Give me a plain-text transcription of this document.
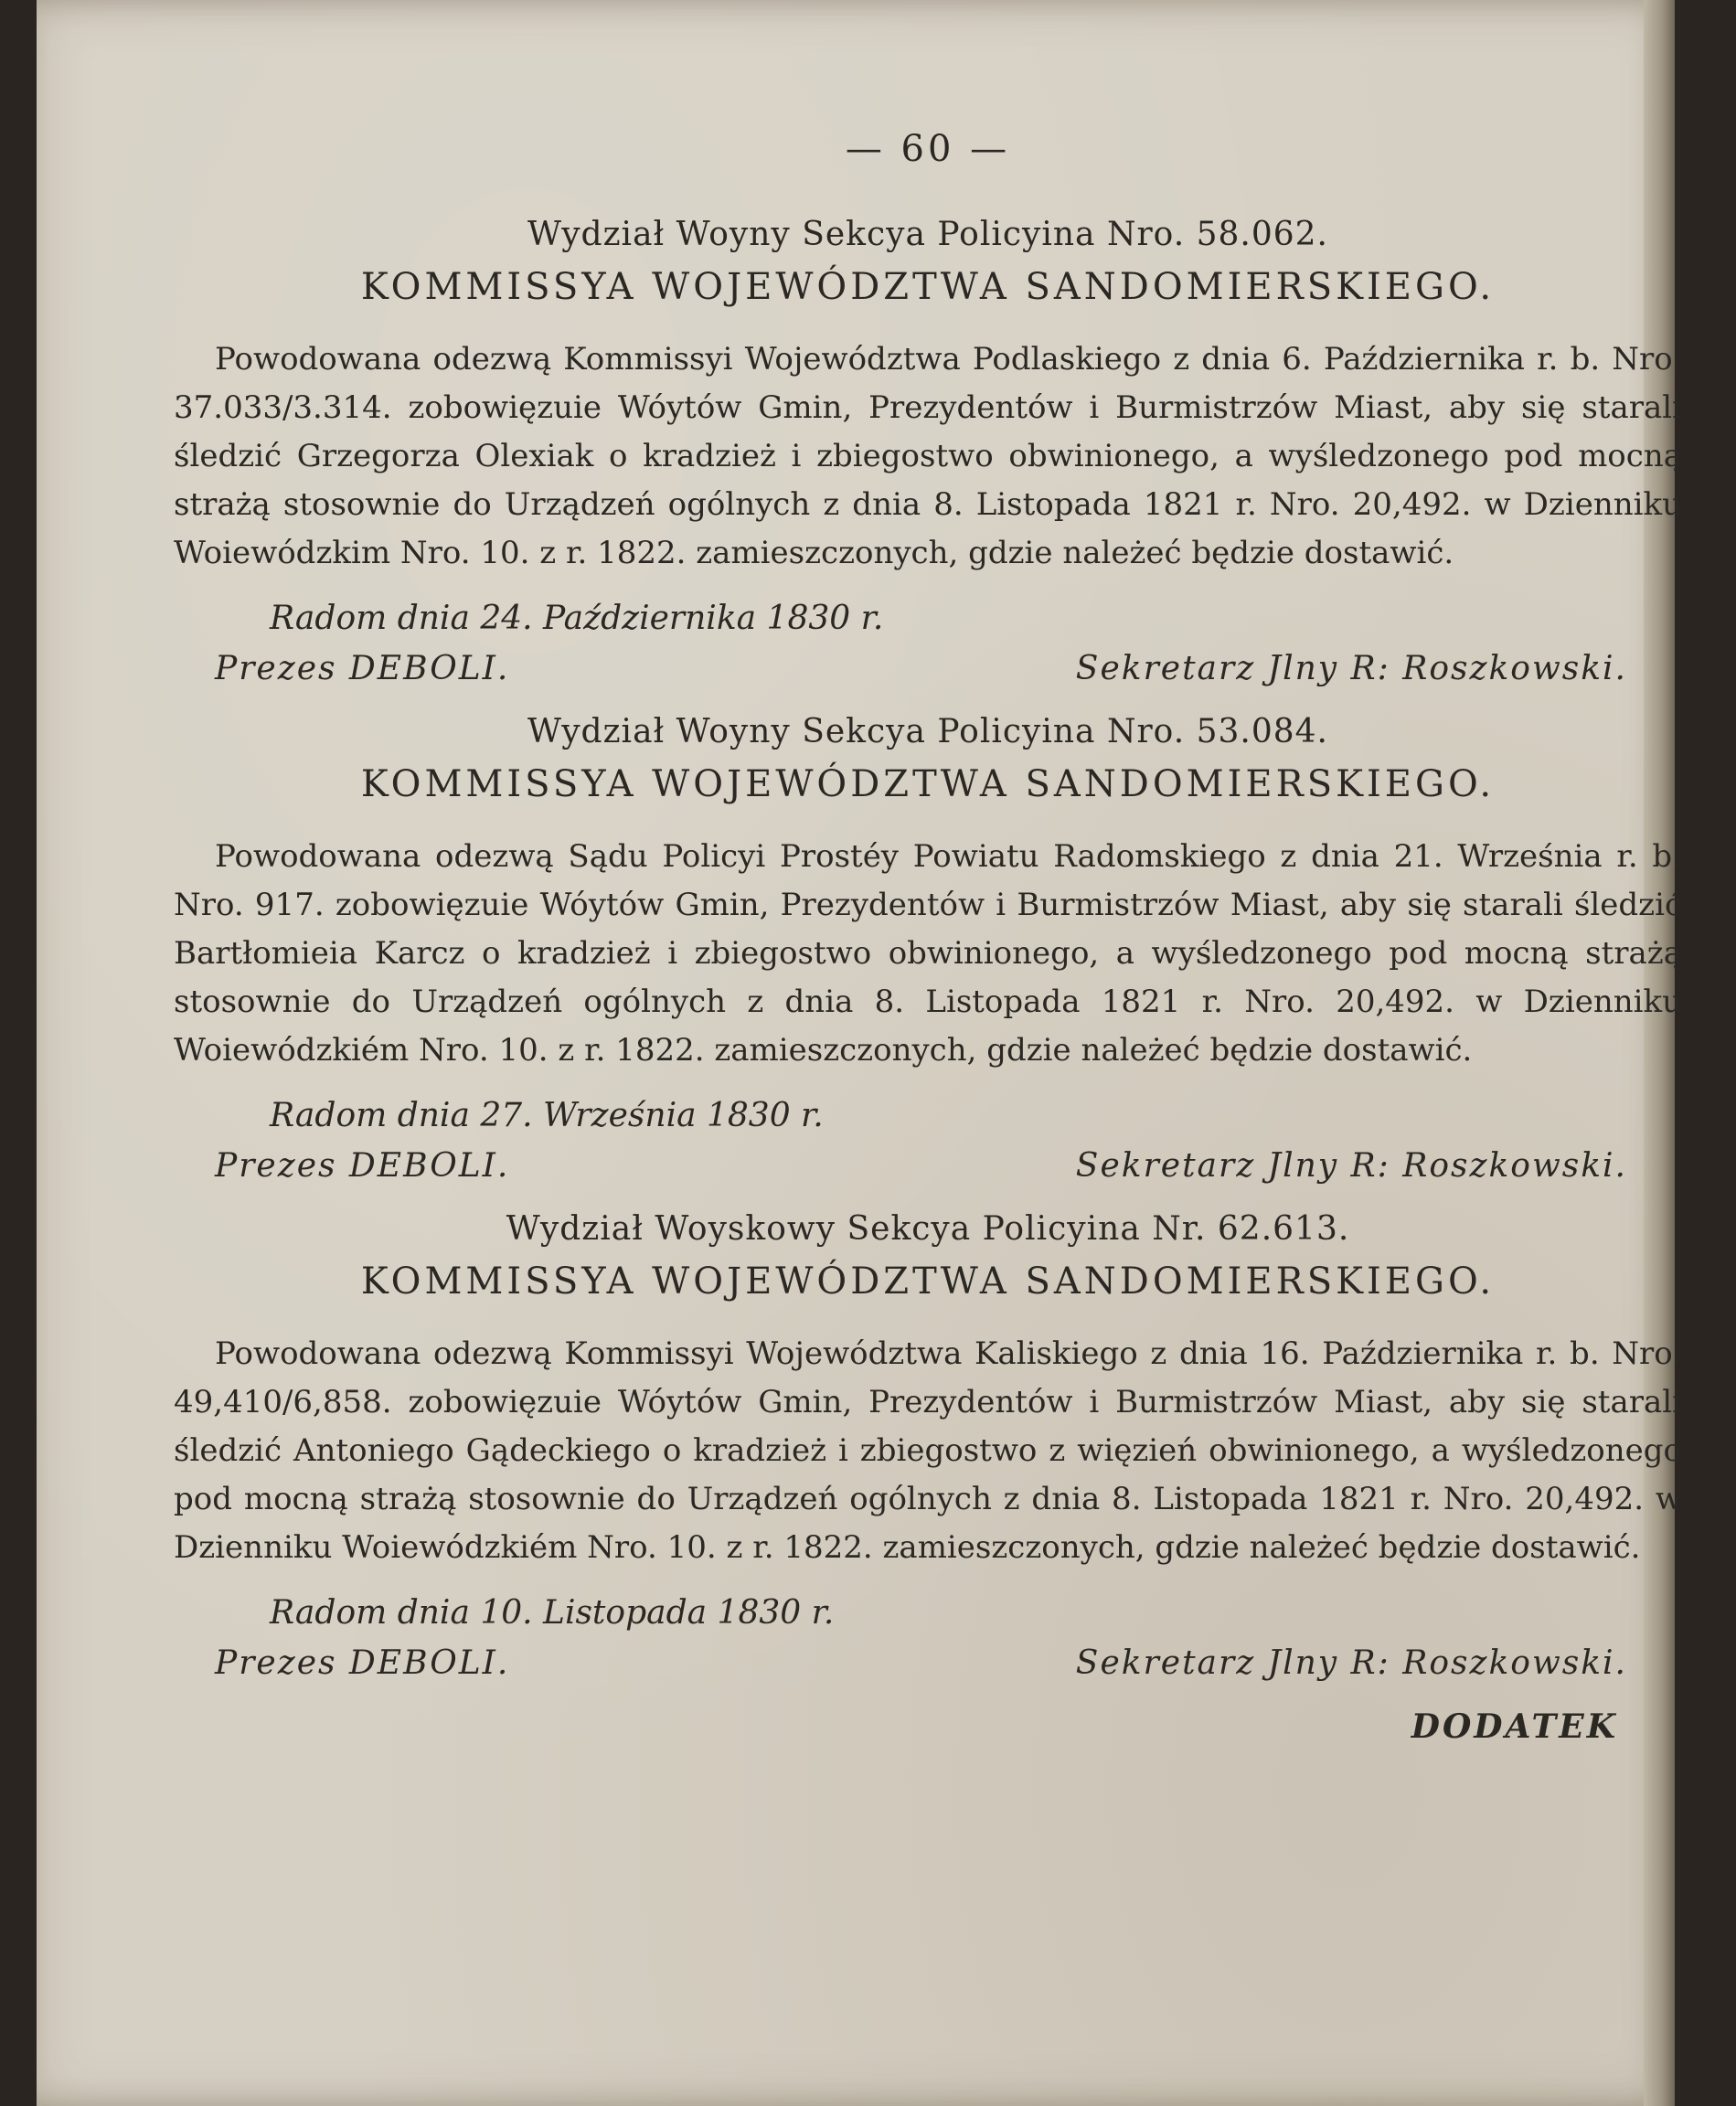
— 60 —
Wydział Woyny Sekcya Policyina Nro. 58.062.
KOMMISSYA WOJEWÓDZTWA SANDOMIERSKIEGO.

Powodowana odezwą Kommissyi Województwa Podlaskiego z dnia 6. Października r. b. Nro. 37.033/3.314. zobowięzuie Wóytów Gmin, Prezydentów i Burmistrzów Miast, aby się starali śledzić Grzegorza Olexiak o kradzież i zbiegostwo obwinionego, a wyśledzonego pod mocną strażą stosownie do Urządzeń ogólnych z dnia 8. Listopada 1821 r. Nro. 20,492. w Dzienniku Woiewódzkim Nro. 10. z r. 1822. zamieszczonych, gdzie należeć będzie dostawić.

Radom dnia 24. Października 1830 r.
Prezes DEBOLI.	Sekretarz Jlny R: Roszkowski.
Wydział Woyny Sekcya Policyina Nro. 53.084.
KOMMISSYA WOJEWÓDZTWA SANDOMIERSKIEGO.

Powodowana odezwą Sądu Policyi Prostéy Powiatu Radomskiego z dnia 21. Września r. b. Nro. 917. zobowięzuie Wóytów Gmin, Prezydentów i Burmistrzów Miast, aby się starali śledzić Bartłomieia Karcz o kradzież i zbiegostwo obwinionego, a wyśledzonego pod mocną strażą stosownie do Urządzeń ogólnych z dnia 8. Listopada 1821 r. Nro. 20,492. w Dzienniku Woiewódzkiém Nro. 10. z r. 1822. zamieszczonych, gdzie należeć będzie dostawić.

Radom dnia 27. Września 1830 r.
Prezes DEBOLI.	Sekretarz Jlny R: Roszkowski.
Wydział Woyskowy Sekcya Policyina Nr. 62.613.
KOMMISSYA WOJEWÓDZTWA SANDOMIERSKIEGO.

Powodowana odezwą Kommissyi Województwa Kaliskiego z dnia 16. Października r. b. Nro. 49,410/6,858. zobowięzuie Wóytów Gmin, Prezydentów i Burmistrzów Miast, aby się starali śledzić Antoniego Gądeckiego o kradzież i zbiegostwo z więzień obwinionego, a wyśledzonego pod mocną strażą stosownie do Urządzeń ogólnych z dnia 8. Listopada 1821 r. Nro. 20,492. w Dzienniku Woiewódzkiém Nro. 10. z r. 1822. zamieszczonych, gdzie należeć będzie dostawić.

Radom dnia 10. Listopada 1830 r.
Prezes DEBOLI.	Sekretarz Jlny R: Roszkowski.
DODATEK
